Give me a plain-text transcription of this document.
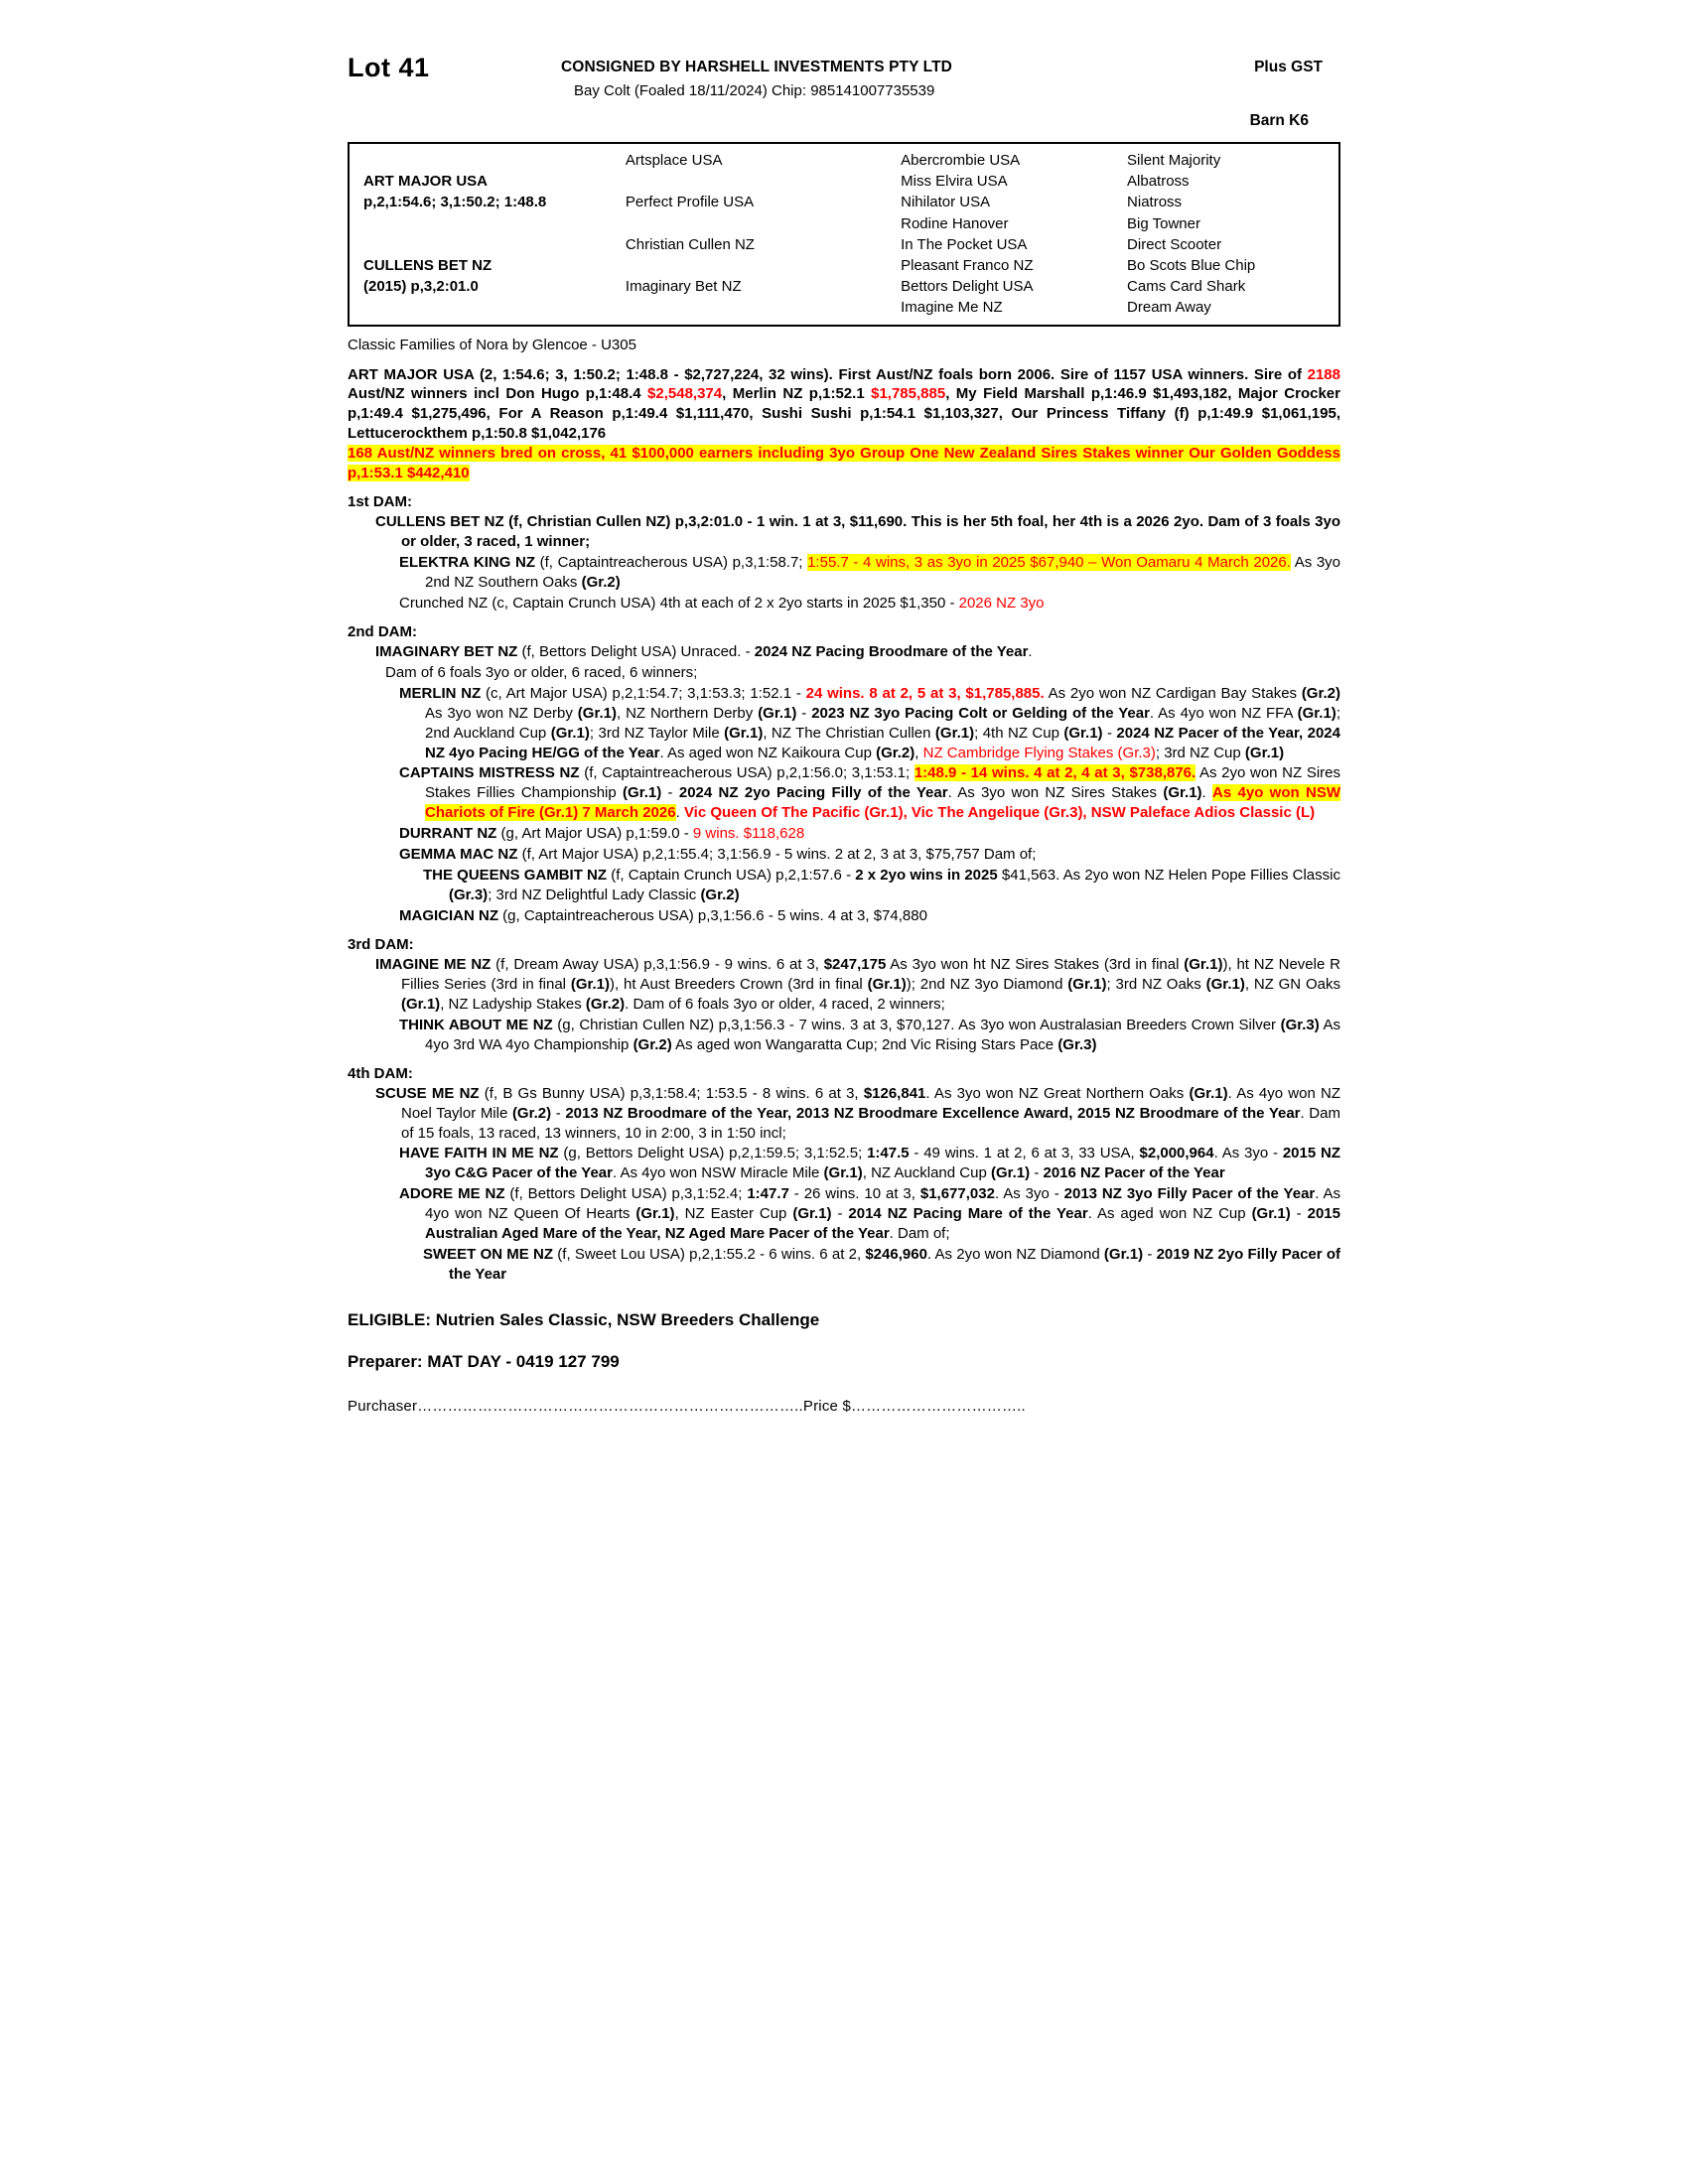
Lot 41	CONSIGNED BY HARSHELL INVESTMENTS PTY LTD
Bay Colt (Foaled 18/11/2024) Chip: 985141007735539
Plus GST
Barn K6
	Artsplace USA	Abercrombie USA	Silent Majority
ART MAJOR USA		Miss Elvira USA	Albatross
p,2,1:54.6; 3,1:50.2; 1:48.8	Perfect Profile USA	Nihilator USA	Niatross
		Rodine Hanover	Big Towner
	Christian Cullen NZ	In The Pocket USA	Direct Scooter
CULLENS BET NZ		Pleasant Franco NZ	Bo Scots Blue Chip
(2015) p,3,2:01.0	Imaginary Bet NZ	Bettors Delight USA	Cams Card Shark
		Imagine Me NZ	Dream Away
Classic Families of Nora by Glencoe - U305
ART MAJOR USA (2, 1:54.6; 3, 1:50.2; 1:48.8 - $2,727,224, 32 wins). First Aust/NZ foals born 2006. Sire of 1157 USA winners. Sire of 2188 Aust/NZ winners incl Don Hugo p,1:48.4 $2,548,374, Merlin NZ p,1:52.1 $1,785,885, My Field Marshall p,1:46.9 $1,493,182, Major Crocker p,1:49.4 $1,275,496, For A Reason p,1:49.4 $1,111,470, Sushi Sushi p,1:54.1 $1,103,327, Our Princess Tiffany (f) p,1:49.9 $1,061,195, Lettucerockthem p,1:50.8 $1,042,176
168 Aust/NZ winners bred on cross, 41 $100,000 earners including 3yo Group One New Zealand Sires Stakes winner Our Golden Goddess p,1:53.1 $442,410
1st DAM:
CULLENS BET NZ (f, Christian Cullen NZ) p,3,2:01.0 - 1 win. 1 at 3, $11,690. This is her 5th foal, her 4th is a 2026 2yo. Dam of 3 foals 3yo or older, 3 raced, 1 winner;
ELEKTRA KING NZ (f, Captaintreacherous USA) p,3,1:58.7; 1:55.7 - 4 wins, 3 as 3yo in 2025 $67,940 – Won Oamaru 4 March 2026. As 3yo 2nd NZ Southern Oaks (Gr.2)
Crunched NZ (c, Captain Crunch USA) 4th at each of 2 x 2yo starts in 2025 $1,350 - 2026 NZ 3yo
2nd DAM:
IMAGINARY BET NZ (f, Bettors Delight USA) Unraced. - 2024 NZ Pacing Broodmare of the Year.
Dam of 6 foals 3yo or older, 6 raced, 6 winners;
MERLIN NZ (c, Art Major USA) p,2,1:54.7; 3,1:53.3; 1:52.1 - 24 wins. 8 at 2, 5 at 3, $1,785,885. As 2yo won NZ Cardigan Bay Stakes (Gr.2) As 3yo won NZ Derby (Gr.1), NZ Northern Derby (Gr.1) - 2023 NZ 3yo Pacing Colt or Gelding of the Year. As 4yo won NZ FFA (Gr.1); 2nd Auckland Cup (Gr.1); 3rd NZ Taylor Mile (Gr.1), NZ The Christian Cullen (Gr.1); 4th NZ Cup (Gr.1) - 2024 NZ Pacer of the Year, 2024 NZ 4yo Pacing HE/GG of the Year. As aged won NZ Kaikoura Cup (Gr.2), NZ Cambridge Flying Stakes (Gr.3); 3rd NZ Cup (Gr.1)
CAPTAINS MISTRESS NZ (f, Captaintreacherous USA) p,2,1:56.0; 3,1:53.1; 1:48.9 - 14 wins. 4 at 2, 4 at 3, $738,876. As 2yo won NZ Sires Stakes Fillies Championship (Gr.1) - 2024 NZ 2yo Pacing Filly of the Year. As 3yo won NZ Sires Stakes (Gr.1). As 4yo won NSW Chariots of Fire (Gr.1) 7 March 2026. Vic Queen Of The Pacific (Gr.1), Vic The Angelique (Gr.3), NSW Paleface Adios Classic (L)
DURRANT NZ (g, Art Major USA) p,1:59.0 - 9 wins. $118,628
GEMMA MAC NZ (f, Art Major USA) p,2,1:55.4; 3,1:56.9 - 5 wins. 2 at 2, 3 at 3, $75,757 Dam of;
THE QUEENS GAMBIT NZ (f, Captain Crunch USA) p,2,1:57.6 - 2 x 2yo wins in 2025 $41,563. As 2yo won NZ Helen Pope Fillies Classic (Gr.3); 3rd NZ Delightful Lady Classic (Gr.2)
MAGICIAN NZ (g, Captaintreacherous USA) p,3,1:56.6 - 5 wins. 4 at 3, $74,880
3rd DAM:
IMAGINE ME NZ (f, Dream Away USA) p,3,1:56.9 - 9 wins. 6 at 3, $247,175 As 3yo won ht NZ Sires Stakes (3rd in final (Gr.1)), ht NZ Nevele R Fillies Series (3rd in final (Gr.1)), ht Aust Breeders Crown (3rd in final (Gr.1)); 2nd NZ 3yo Diamond (Gr.1); 3rd NZ Oaks (Gr.1), NZ GN Oaks (Gr.1), NZ Ladyship Stakes (Gr.2). Dam of 6 foals 3yo or older, 4 raced, 2 winners;
THINK ABOUT ME NZ (g, Christian Cullen NZ) p,3,1:56.3 - 7 wins. 3 at 3, $70,127. As 3yo won Australasian Breeders Crown Silver (Gr.3) As 4yo 3rd WA 4yo Championship (Gr.2) As aged won Wangaratta Cup; 2nd Vic Rising Stars Pace (Gr.3)
4th DAM:
SCUSE ME NZ (f, B Gs Bunny USA) p,3,1:58.4; 1:53.5 - 8 wins. 6 at 3, $126,841. As 3yo won NZ Great Northern Oaks (Gr.1). As 4yo won NZ Noel Taylor Mile (Gr.2) - 2013 NZ Broodmare of the Year, 2013 NZ Broodmare Excellence Award, 2015 NZ Broodmare of the Year. Dam of 15 foals, 13 raced, 13 winners, 10 in 2:00, 3 in 1:50 incl;
HAVE FAITH IN ME NZ (g, Bettors Delight USA) p,2,1:59.5; 3,1:52.5; 1:47.5 - 49 wins. 1 at 2, 6 at 3, 33 USA, $2,000,964. As 3yo - 2015 NZ 3yo C&G Pacer of the Year. As 4yo won NSW Miracle Mile (Gr.1), NZ Auckland Cup (Gr.1) - 2016 NZ Pacer of the Year
ADORE ME NZ (f, Bettors Delight USA) p,3,1:52.4; 1:47.7 - 26 wins. 10 at 3, $1,677,032. As 3yo - 2013 NZ 3yo Filly Pacer of the Year. As 4yo won NZ Queen Of Hearts (Gr.1), NZ Easter Cup (Gr.1) - 2014 NZ Pacing Mare of the Year. As aged won NZ Cup (Gr.1) - 2015 Australian Aged Mare of the Year, NZ Aged Mare Pacer of the Year. Dam of;
SWEET ON ME NZ (f, Sweet Lou USA) p,2,1:55.2 - 6 wins. 6 at 2, $246,960. As 2yo won NZ Diamond (Gr.1) - 2019 NZ 2yo Filly Pacer of the Year
ELIGIBLE: Nutrien Sales Classic, NSW Breeders Challenge
Preparer: MAT DAY - 0419 127 799
Purchaser…………………………………………………………………..Price $……………………………..
